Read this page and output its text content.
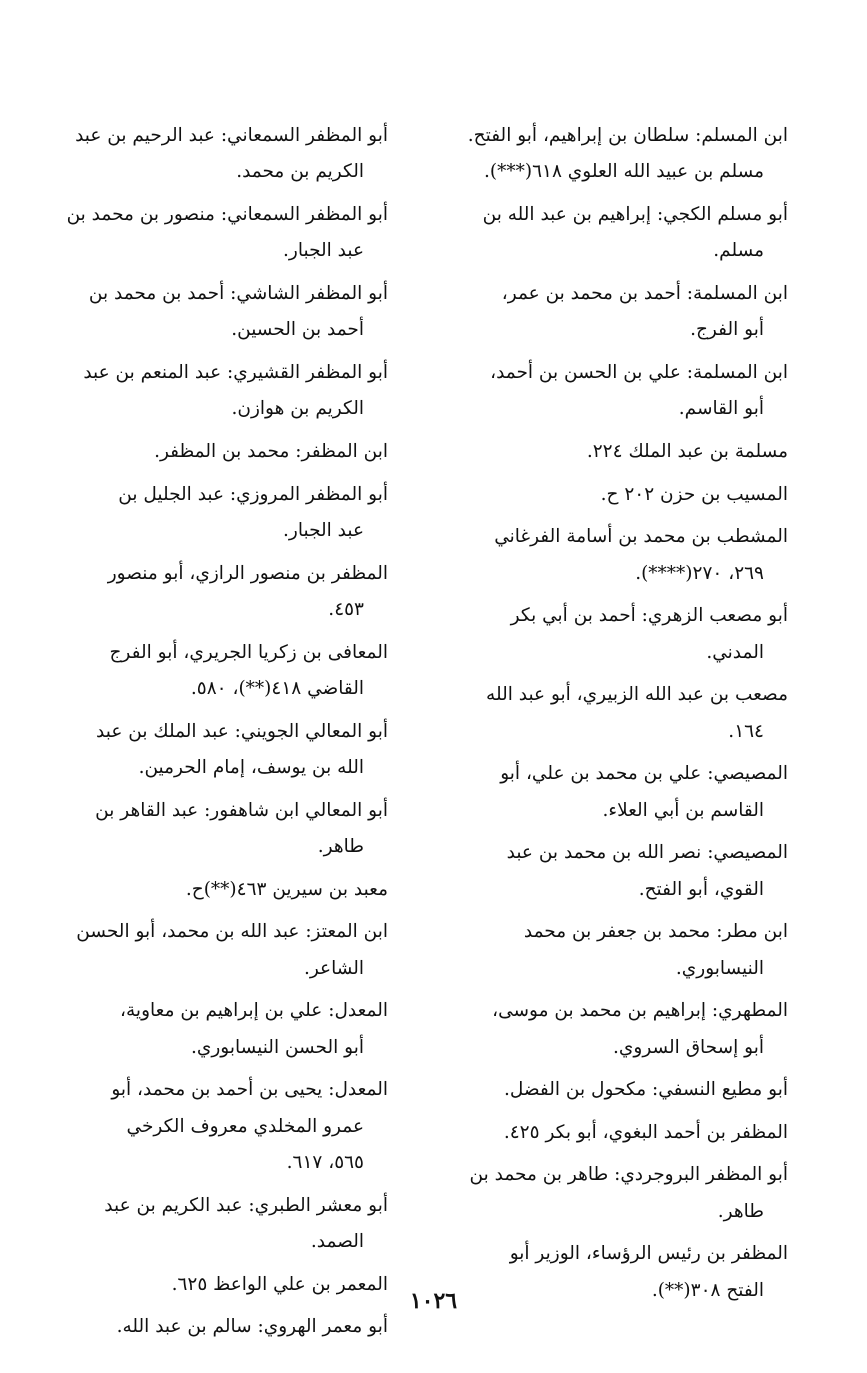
ابن المسلم: سلطان بن إبراهيم، أبو الفتح.
مسلم بن عبيد الله العلوي ٦١٨(***).
أبو مسلم الكجي: إبراهيم بن عبد الله بن
مسلم.
ابن المسلمة: أحمد بن محمد بن عمر،
أبو الفرج.
ابن المسلمة: علي بن الحسن بن أحمد،
أبو القاسم.
مسلمة بن عبد الملك ٢٢٤.
المسيب بن حزن ٢٠٢ ح.
المشطب بن محمد بن أسامة الفرغاني
٢٦٩، ٢٧٠(****).
أبو مصعب الزهري: أحمد بن أبي بكر
المدني.
مصعب بن عبد الله الزبيري، أبو عبد الله
١٦٤.
المصيصي: علي بن محمد بن علي، أبو
القاسم بن أبي العلاء.
المصيصي: نصر الله بن محمد بن عبد
القوي، أبو الفتح.
ابن مطر: محمد بن جعفر بن محمد
النيسابوري.
المطهري: إبراهيم بن محمد بن موسى،
أبو إسحاق السروي.
أبو مطيع النسفي: مكحول بن الفضل.
المظفر بن أحمد البغوي، أبو بكر ٤٢٥.
أبو المظفر البروجردي: طاهر بن محمد بن
طاهر.
المظفر بن رئيس الرؤساء، الوزير أبو
الفتح ٣٠٨(**).
أبو المظفر السمعاني: عبد الرحيم بن عبد
الكريم بن محمد.
أبو المظفر السمعاني: منصور بن محمد بن
عبد الجبار.
أبو المظفر الشاشي: أحمد بن محمد بن
أحمد بن الحسين.
أبو المظفر القشيري: عبد المنعم بن عبد
الكريم بن هوازن.
ابن المظفر: محمد بن المظفر.
أبو المظفر المروزي: عبد الجليل بن
عبد الجبار.
المظفر بن منصور الرازي، أبو منصور
٤٥٣.
المعافى بن زكريا الجريري، أبو الفرج
القاضي ٤١٨(**)، ٥٨٠.
أبو المعالي الجويني: عبد الملك بن عبد
الله بن يوسف، إمام الحرمين.
أبو المعالي ابن شاهفور: عبد القاهر بن
طاهر.
معبد بن سيرين ٤٦٣(**)ح.
ابن المعتز: عبد الله بن محمد، أبو الحسن
الشاعر.
المعدل: علي بن إبراهيم بن معاوية،
أبو الحسن النيسابوري.
المعدل: يحيى بن أحمد بن محمد، أبو
عمرو المخلدي معروف الكرخي
٥٦٥، ٦١٧.
أبو معشر الطبري: عبد الكريم بن عبد
الصمد.
المعمر بن علي الواعظ ٦٢٥.
أبو معمر الهروي: سالم بن عبد الله.
١٠٢٦
